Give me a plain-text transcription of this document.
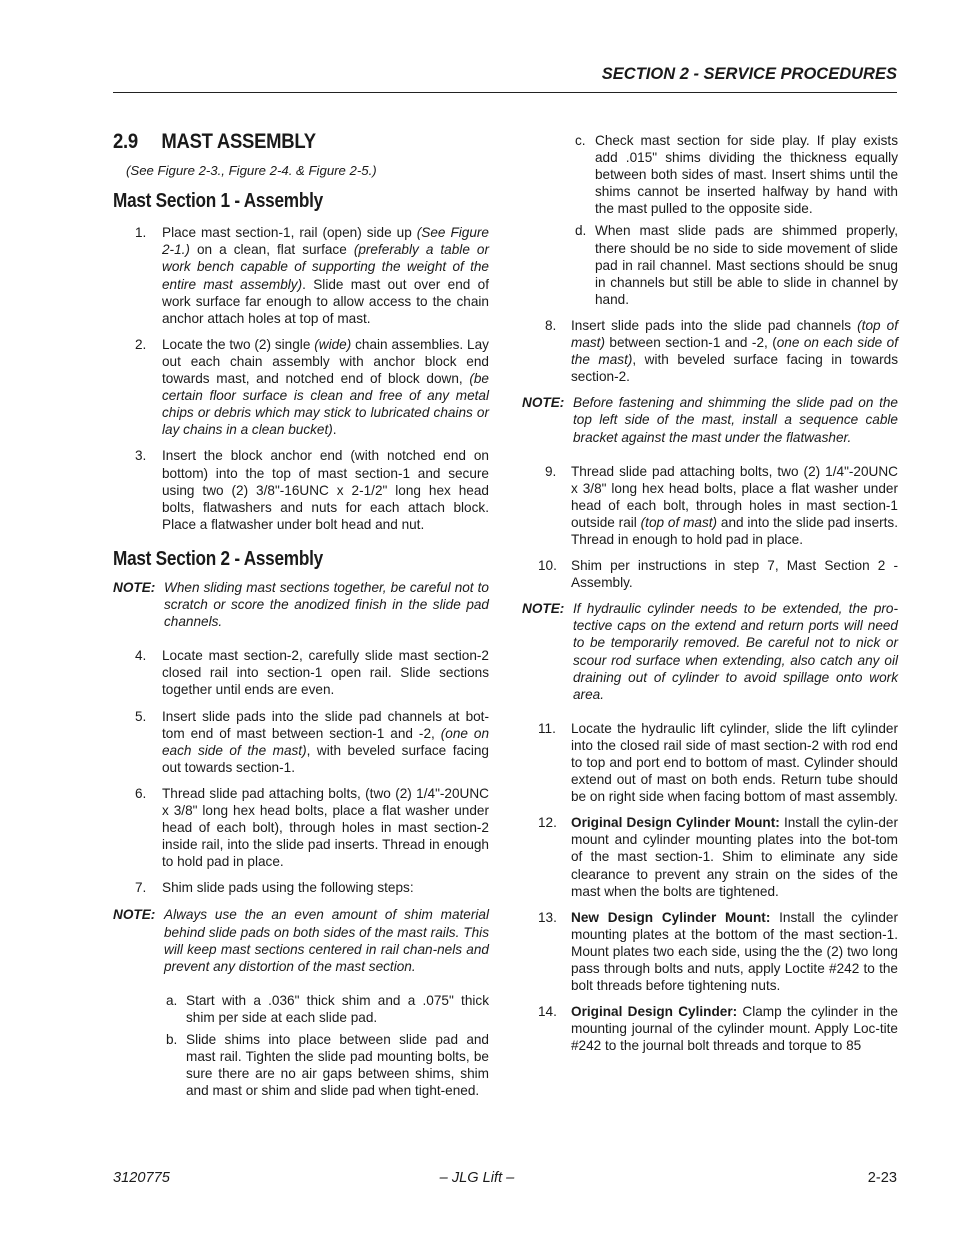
SECTION 2 - SERVICE PROCEDURES
2.9 MAST ASSEMBLY
(See Figure 2-3., Figure 2-4. & Figure 2-5.)
Mast Section 1 - Assembly
1. Place mast section-1, rail (open) side up (See Figure 2-1.) on a clean, flat surface (preferably a table or work bench capable of supporting the weight of the entire mast assembly). Slide mast out over end of work surface far enough to allow access to the chain anchor attach holes at top of mast.
2. Locate the two (2) single (wide) chain assemblies. Lay out each chain assembly with anchor block end towards mast, and notched end of block down, (be certain floor surface is clean and free of any metal chips or debris which may stick to lubricated chains or lay chains in a clean bucket).
3. Insert the block anchor end (with notched end on bottom) into the top of mast section-1 and secure using two (2) 3/8"-16UNC x 2-1/2" long hex head bolts, flatwashers and nuts for each attach block. Place a flatwasher under bolt head and nut.
Mast Section 2 - Assembly
NOTE: When sliding mast sections together, be careful not to scratch or score the anodized finish in the slide pad channels.
4. Locate mast section-2, carefully slide mast section-2 closed rail into section-1 open rail. Slide sections together until ends are even.
5. Insert slide pads into the slide pad channels at bot-tom end of mast between section-1 and -2, (one on each side of the mast), with beveled surface facing out towards section-1.
6. Thread slide pad attaching bolts, (two (2) 1/4"-20UNC x 3/8" long hex head bolts, place a flat washer under head of each bolt), through holes in mast section-2 inside rail, into the slide pad inserts. Thread in enough to hold pad in place.
7. Shim slide pads using the following steps:
NOTE: Always use the an even amount of shim material behind slide pads on both sides of the mast rails. This will keep mast sections centered in rail chan-nels and prevent any distortion of the mast section.
a. Start with a .036" thick shim and a .075" thick shim per side at each slide pad.
b. Slide shims into place between slide pad and mast rail. Tighten the slide pad mounting bolts, be sure there are no air gaps between shims, shim and mast or shim and slide pad when tight-ened.
c. Check mast section for side play. If play exists add .015" shims dividing the thickness equally between both sides of mast. Insert shims until the shims cannot be inserted halfway by hand with the mast pulled to the opposite side.
d. When mast slide pads are shimmed properly, there should be no side to side movement of slide pad in rail channel. Mast sections should be snug in channels but still be able to slide in channel by hand.
8. Insert slide pads into the slide pad channels (top of mast) between section-1 and -2, (one on each side of the mast), with beveled surface facing in towards section-2.
NOTE: Before fastening and shimming the slide pad on the top left side of the mast, install a sequence cable bracket against the mast under the flatwasher.
9. Thread slide pad attaching bolts, two (2) 1/4"-20UNC x 3/8" long hex head bolts, place a flat washer under head of each bolt, through holes in mast section-1 outside rail (top of mast) and into the slide pad inserts. Thread in enough to hold pad in place.
10. Shim per instructions in step 7, Mast Section 2 - Assembly.
NOTE: If hydraulic cylinder needs to be extended, the pro-tective caps on the extend and return ports will need to be temporarily removed. Be careful not to nick or scour rod surface when extending, also catch any oil draining out of cylinder to avoid spillage onto work area.
11. Locate the hydraulic lift cylinder, slide the lift cylinder into the closed rail side of mast section-2 with rod end to top and port end to bottom of mast. Cylinder should extend out of mast on both ends. Return tube should be on right side when facing bottom of mast assembly.
12. Original Design Cylinder Mount: Install the cylin-der mount and cylinder mounting plates into the bot-tom of the mast section-1. Shim to eliminate any side clearance to prevent any strain on the sides of the mast when the bolts are tightened.
13. New Design Cylinder Mount: Install the cylinder mounting plates at the bottom of the mast section-1. Mount plates two each side, using the the (2) two long pass through bolts and nuts, apply Loctite #242 to the bolt threads before tightening nuts.
14. Original Design Cylinder: Clamp the cylinder in the mounting journal of the cylinder mount. Apply Loc-tite #242 to the journal bolt threads and torque to 85
– JLG Lift –
3120775	2-23
